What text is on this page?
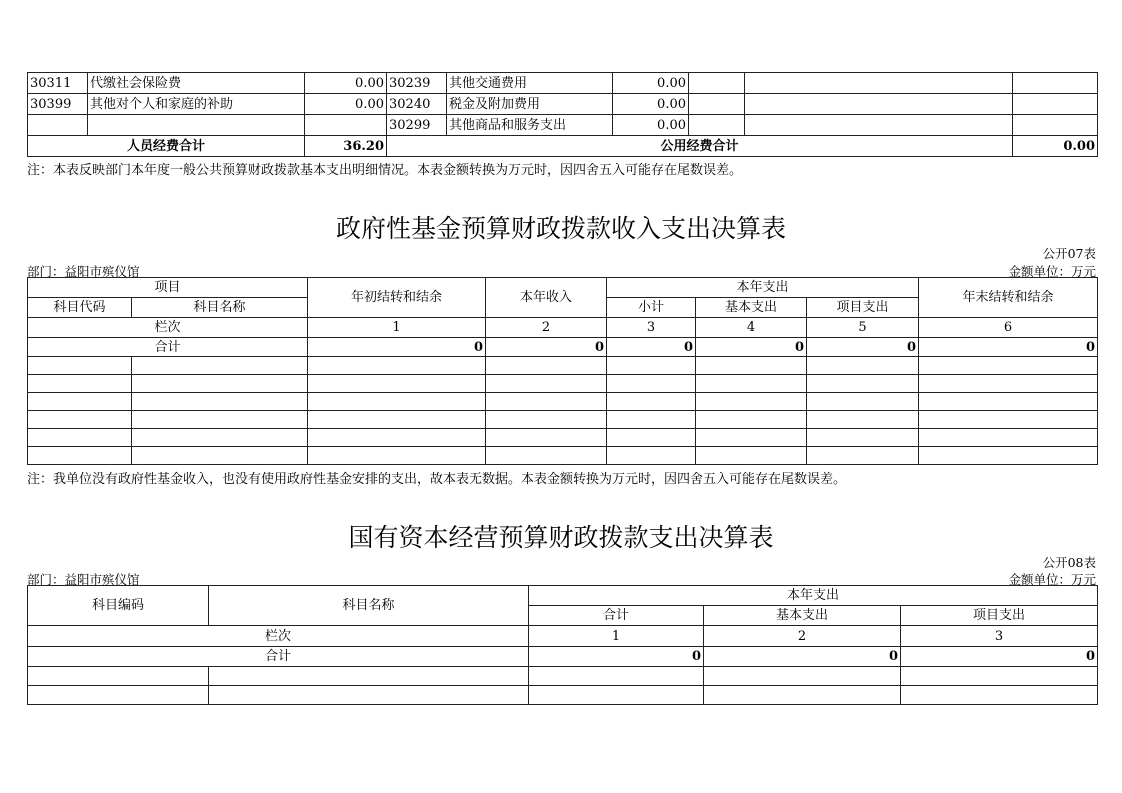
30311	代缴社会保险费	0.00	30239	其他交通费用	0.00			
30399	其他对个人和家庭的补助	0.00	30240	税金及附加费用	0.00			
			30299	其他商品和服务支出	0.00			
人员经费合计		36.20	公用经费合计					0.00
注：本表反映部门本年度一般公共预算财政拨款基本支出明细情况。本表金额转换为万元时，因四舍五入可能存在尾数误差。
政府性基金预算财政拨款收入支出决算表
公开07表
部门：益阳市殡仪馆	金额单位：万元
项目		年初结转和结余	本年收入	本年支出			年末结转和结余
科目代码	科目名称			小计	基本支出	项目支出	
栏次		1	2	3	4	5	6
合计		0	0	0	0	0	0

注：我单位没有政府性基金收入，也没有使用政府性基金安排的支出，故本表无数据。本表金额转换为万元时，因四舍五入可能存在尾数误差。
国有资本经营预算财政拨款支出决算表
公开08表
部门：益阳市殡仪馆	金额单位：万元
科目编码	科目名称	本年支出		
		合计	基本支出	项目支出
栏次		1	2	3
合计		0	0	0
